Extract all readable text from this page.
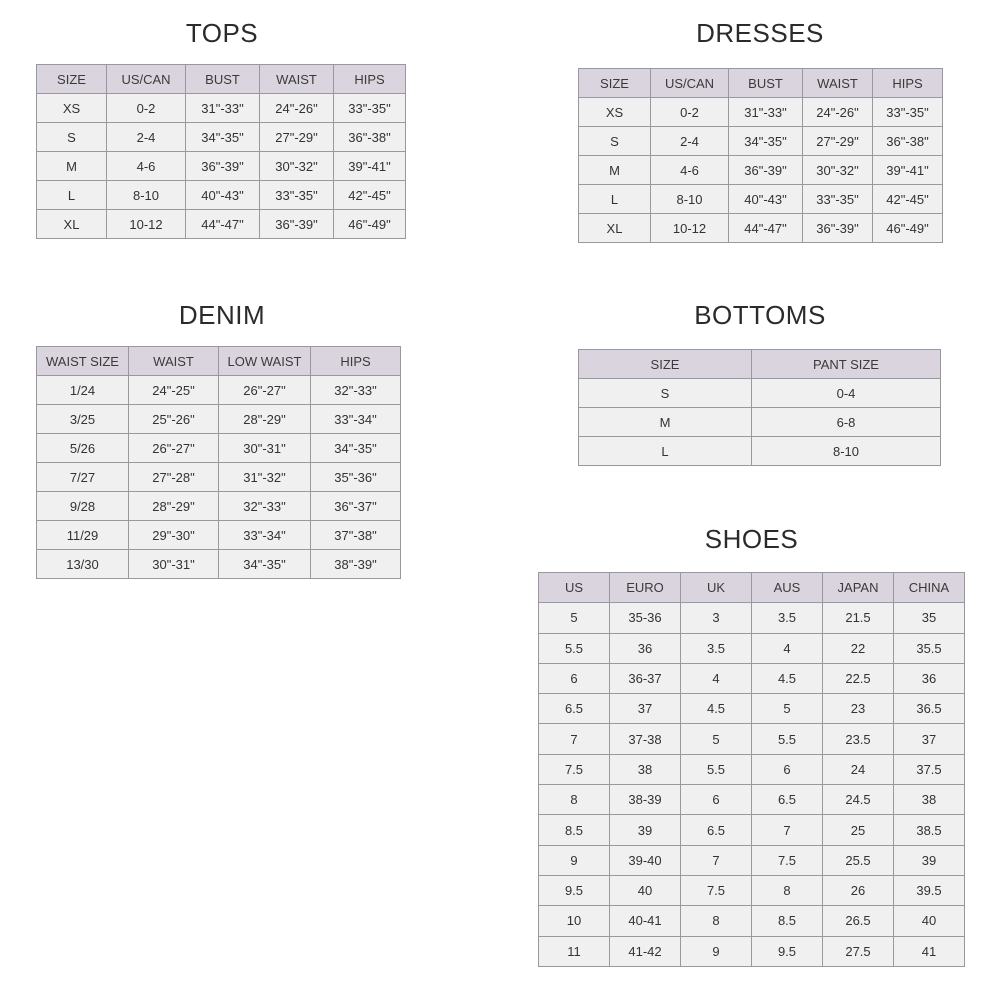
TOPS
SIZE	US/CAN	BUST	WAIST	HIPS
XS	0-2	31"-33"	24"-26"	33"-35"
S	2-4	34"-35"	27"-29"	36"-38"
M	4-6	36"-39"	30"-32"	39"-41"
L	8-10	40"-43"	33"-35"	42"-45"
XL	10-12	44"-47"	36"-39"	46"-49"
DRESSES
SIZE	US/CAN	BUST	WAIST	HIPS
XS	0-2	31"-33"	24"-26"	33"-35"
S	2-4	34"-35"	27"-29"	36"-38"
M	4-6	36"-39"	30"-32"	39"-41"
L	8-10	40"-43"	33"-35"	42"-45"
XL	10-12	44"-47"	36"-39"	46"-49"
DENIM
WAIST SIZE	WAIST	LOW WAIST	HIPS
1/24	24"-25"	26"-27"	32"-33"
3/25	25"-26"	28"-29"	33"-34"
5/26	26"-27"	30"-31"	34"-35"
7/27	27"-28"	31"-32"	35"-36"
9/28	28"-29"	32"-33"	36"-37"
11/29	29"-30"	33"-34"	37"-38"
13/30	30"-31"	34"-35"	38"-39"
BOTTOMS
SIZE	PANT SIZE
S	0-4
M	6-8
L	8-10
SHOES
US	EURO	UK	AUS	JAPAN	CHINA
5	35-36	3	3.5	21.5	35
5.5	36	3.5	4	22	35.5
6	36-37	4	4.5	22.5	36
6.5	37	4.5	5	23	36.5
7	37-38	5	5.5	23.5	37
7.5	38	5.5	6	24	37.5
8	38-39	6	6.5	24.5	38
8.5	39	6.5	7	25	38.5
9	39-40	7	7.5	25.5	39
9.5	40	7.5	8	26	39.5
10	40-41	8	8.5	26.5	40
11	41-42	9	9.5	27.5	41
